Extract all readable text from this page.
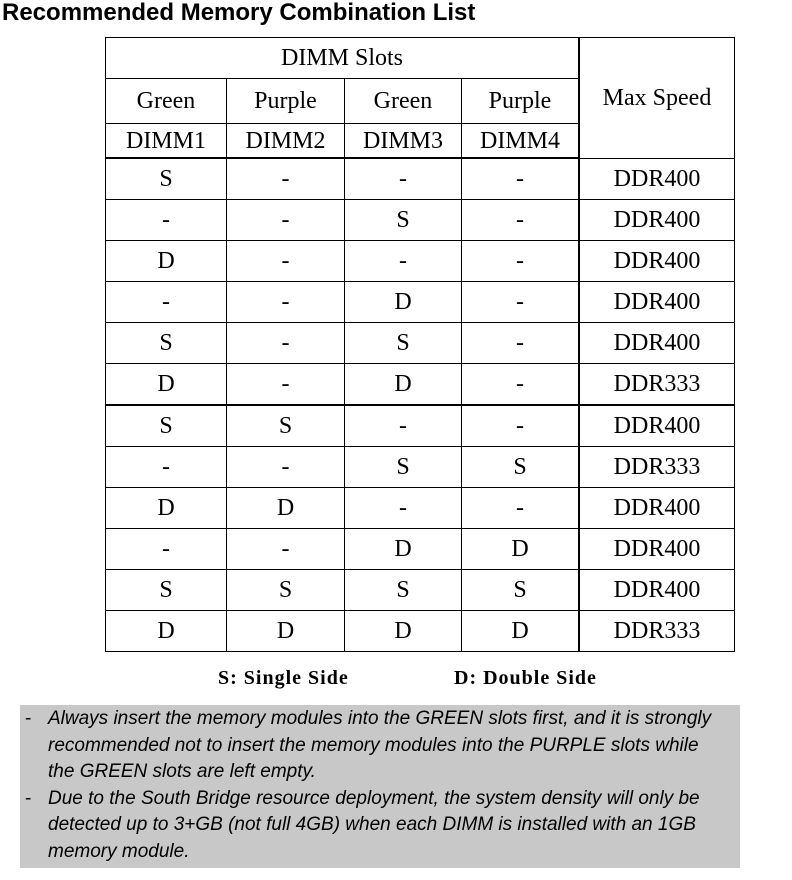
Recommended Memory Combination List
DIMM Slots				Max Speed
Green	Purple	Green	Purple	
DIMM1	DIMM2	DIMM3	DIMM4	
S	-	-	-	DDR400
-	-	S	-	DDR400
D	-	-	-	DDR400
-	-	D	-	DDR400
S	-	S	-	DDR400
D	-	D	-	DDR333
S	S	-	-	DDR400
-	-	S	S	DDR333
D	D	-	-	DDR400
-	-	D	D	DDR400
S	S	S	S	DDR400
D	D	D	D	DDR333
S: Single Side	D: Double Side
- Always insert the memory modules into the GREEN slots first, and it is strongly recommended not to insert the memory modules into the PURPLE slots while the GREEN slots are left empty.
- Due to the South Bridge resource deployment, the system density will only be detected up to 3+GB (not full 4GB) when each DIMM is installed with an 1GB memory module.
